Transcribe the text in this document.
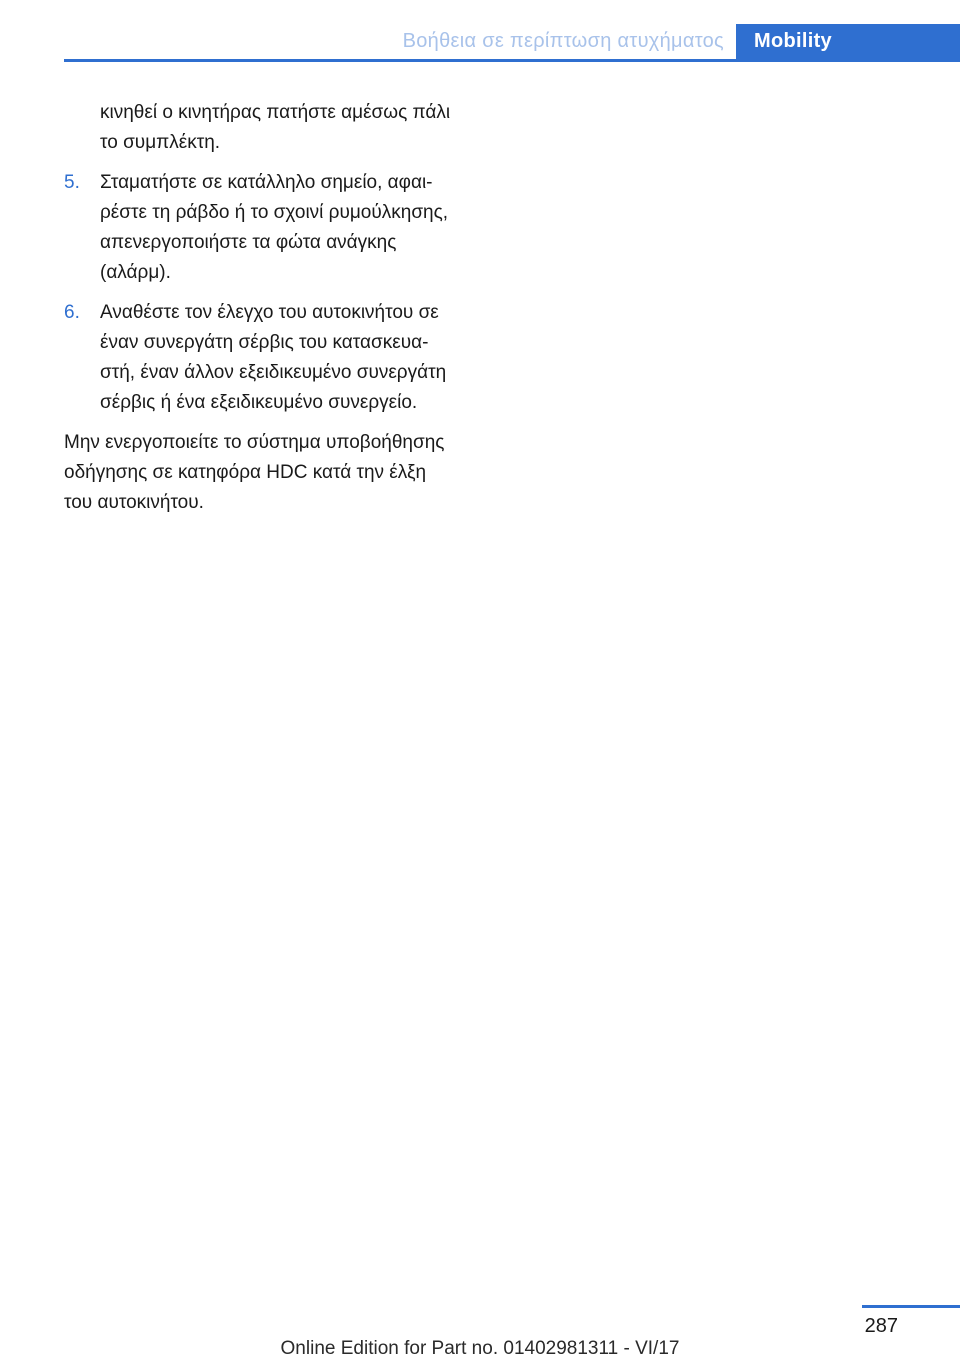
Βοήθεια σε περίπτωση ατυχήματος Mobility
κινηθεί ο κινητήρας πατήστε αμέσως πάλι
το συμπλέκτη.
5. Σταματήστε σε κατάλληλο σημείο, αφαι‐
ρέστε τη ράβδο ή το σχοινί ρυμούλκησης,
απενεργοποιήστε τα φώτα ανάγκης
(αλάρμ).
6. Αναθέστε τον έλεγχο του αυτοκινήτου σε
έναν συνεργάτη σέρβις του κατασκευα‐
στή, έναν άλλον εξειδικευμένο συνεργάτη
σέρβις ή ένα εξειδικευμένο συνεργείο.
Μην ενεργοποιείτε το σύστημα υποβοήθησης
οδήγησης σε κατηφόρα HDC κατά την έλξη
του αυτοκινήτου.
287
Online Edition for Part no. 01402981311 - VI/17
